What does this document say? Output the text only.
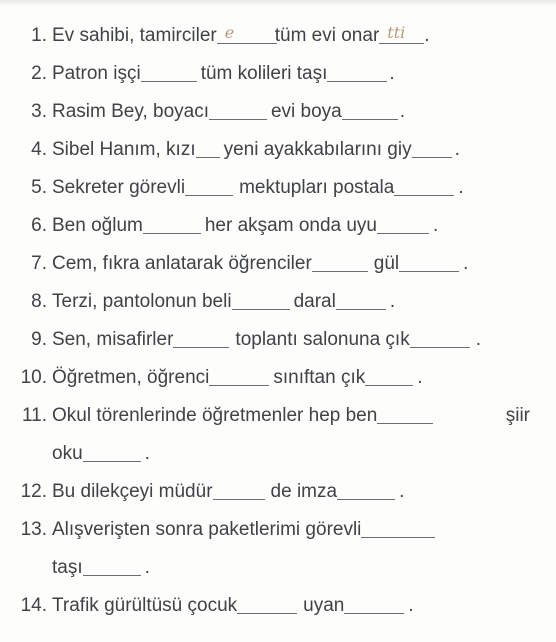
1. Ev sahibi, tamirciler e tüm evi onar tti .
2. Patron işçi	tüm kolileri taşı	.
3. Rasim Bey, boyacı	evi boya	.
4. Sibel Hanım, kızı yeni ayakkabılarını giy .
5. Sekreter görevli	mektupları postala	.
6. Ben oğlum	her akşam onda uyu	.
7. Cem, fıkra anlatarak öğrenciler	gül	.
8. Terzi, pantolonun beli	daral	.
9. Sen, misafirler	toplantı salonuna çık	.
10. Öğretmen, öğrenci	sınıftan çık	.
11. Okul törenlerinde öğretmenler hep ben	şiir
oku	.
12. Bu dilekçeyi müdür	de imza	.
13. Alışverişten sonra paketlerimi görevli
taşı	.
14. Trafik gürültüsü çocuk	uyan	.
